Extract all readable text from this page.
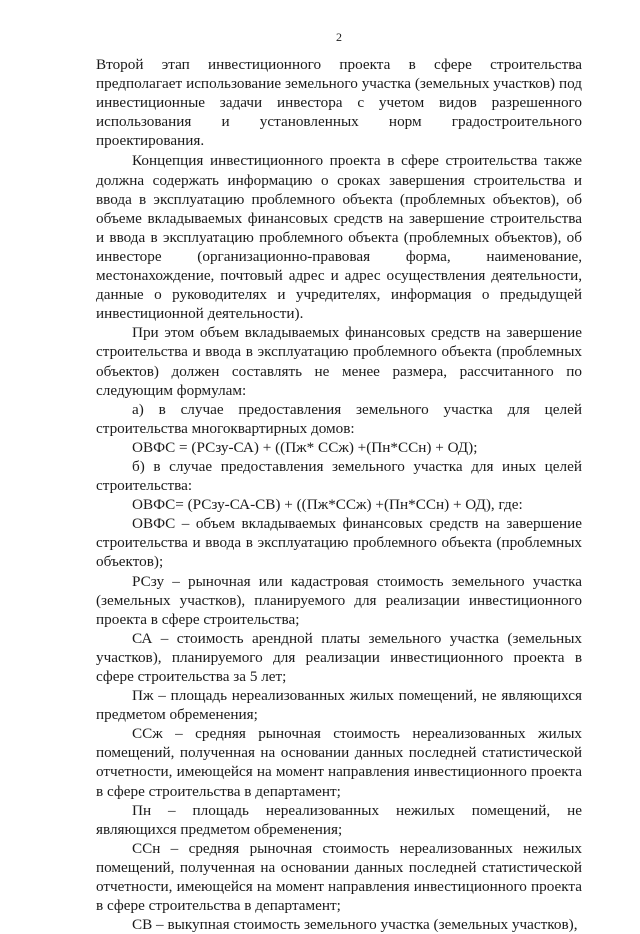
2

Второй этап инвестиционного проекта в сфере строительства предполагает использование земельного участка (земельных участков) под инвестиционные задачи инвестора с учетом видов разрешенного использования и установленных норм градостроительного проектирования.

Концепция инвестиционного проекта в сфере строительства также должна содержать информацию о сроках завершения строительства и ввода в эксплуатацию проблемного объекта (проблемных объектов), об объеме вкладываемых финансовых средств на завершение строительства и ввода в эксплуатацию проблемного объекта (проблемных объектов), об инвесторе (организационно-правовая форма, наименование, местонахождение, почтовый адрес и адрес осуществления деятельности, данные о руководителях и учредителях, информация о предыдущей инвестиционной деятельности).

При этом объем вкладываемых финансовых средств на завершение строительства и ввода в эксплуатацию проблемного объекта (проблемных объектов) должен составлять не менее размера, рассчитанного по следующим формулам:

а) в случае предоставления земельного участка для целей строительства многоквартирных домов:

ОВФС = (РСзу-СА) + ((Пж* ССж) +(Пн*ССн) + ОД);

б) в случае предоставления земельного участка для иных целей строительства:

ОВФС= (РСзу-СА-СВ) + ((Пж*ССж) +(Пн*ССн) + ОД), где:

ОВФС – объем вкладываемых финансовых средств на завершение строительства и ввода в эксплуатацию проблемного объекта (проблемных объектов);

РСзу – рыночная или кадастровая стоимость земельного участка (земельных участков), планируемого для реализации инвестиционного проекта в сфере строительства;

СА – стоимость арендной платы земельного участка (земельных участков), планируемого для реализации инвестиционного проекта в сфере строительства за 5 лет;

Пж – площадь нереализованных жилых помещений, не являющихся предметом обременения;

ССж – средняя рыночная стоимость нереализованных жилых помещений, полученная на основании данных последней статистической отчетности, имеющейся на момент направления инвестиционного проекта в сфере строительства в департамент;

Пн – площадь нереализованных нежилых помещений, не являющихся предметом обременения;

ССн – средняя рыночная стоимость нереализованных нежилых помещений, полученная на основании данных последней статистической отчетности, имеющейся на момент направления инвестиционного проекта в сфере строительства в департамент;

СВ – выкупная стоимость земельного участка (земельных участков),
